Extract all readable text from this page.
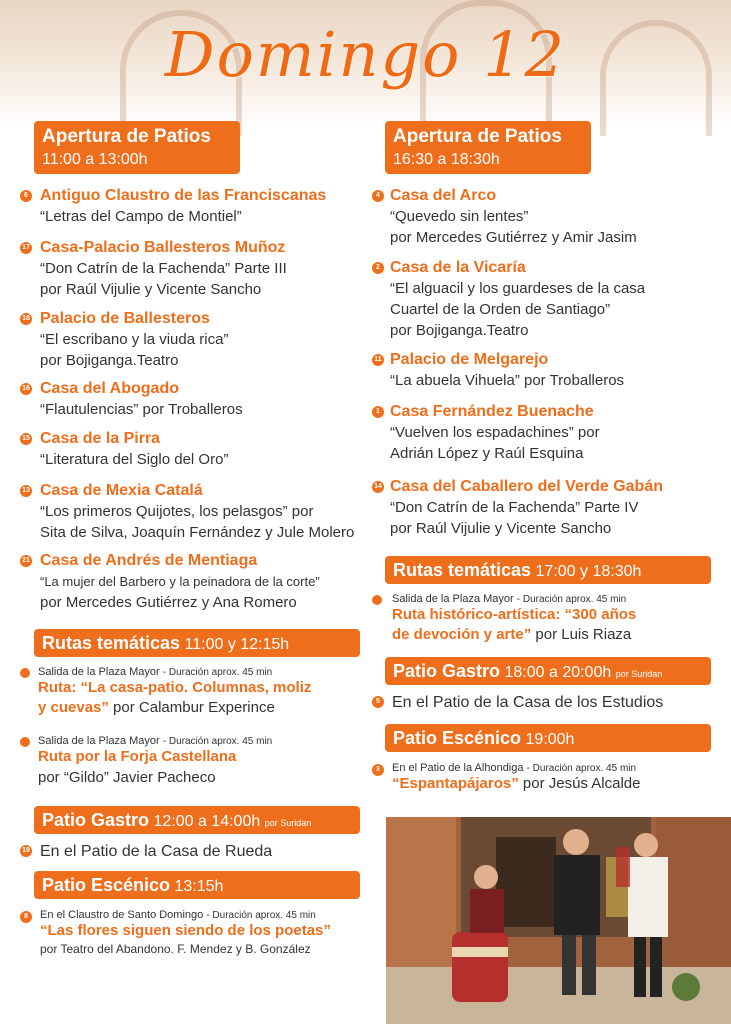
Domingo 12
Apertura de Patios
11:00 a 13:00h
6 Antiguo Claustro de las Franciscanas
“Letras del Campo de Montiel”
17 Casa-Palacio Ballesteros Muñoz
“Don Catrín de la Fachenda” Parte III
por Raúl Vijulie y Vicente Sancho
18 Palacio de Ballesteros
“El escribano y la viuda rica”
por Bojiganga.Teatro
16 Casa del Abogado
“Flautulencias” por Troballeros
15 Casa de la Pirra
“Literatura del Siglo del Oro”
13 Casa de Mexia Catalá
“Los primeros Quijotes, los pelasgos” por
Sita de Silva, Joaquín Fernández y Jule Molero
21 Casa de Andrés de Mentiaga
“La mujer del Barbero y la peinadora de la corte”
por Mercedes Gutiérrez y Ana Romero
Rutas temáticas 11:00 y 12:15h
Salida de la Plaza Mayor - Duración aprox. 45 min
Ruta: “La casa-patio. Columnas, moliz
y cuevas” por Calambur Experince
Salida de la Plaza Mayor - Duración aprox. 45 min
Ruta por la Forja Castellana
por “Gildo” Javier Pacheco
Patio Gastro 12:00 a 14:00h por Suridan
19 En el Patio de la Casa de Rueda
Patio Escénico 13:15h
8	En el Claustro de Santo Domingo - Duración aprox. 45 min
“Las flores siguen siendo de los poetas”
por Teatro del Abandono. F. Mendez y B. González
Apertura de Patios
16:30 a 18:30h
4 Casa del Arco
“Quevedo sin lentes”
por Mercedes Gutiérrez y Amir Jasim
2 Casa de la Vicaría
“El alguacil y los guardeses de la casa
Cuartel de la Orden de Santiago”
por Bojiganga.Teatro
11 Palacio de Melgarejo
“La abuela Vihuela” por Troballeros
1 Casa Fernández Buenache
“Vuelven los espadachines” por
Adrián López y Raúl Esquina
14 Casa del Caballero del Verde Gabán
“Don Catrín de la Fachenda” Parte IV
por Raúl Vijulie y Vicente Sancho
Rutas temáticas 17:00 y 18:30h
Salida de la Plaza Mayor - Duración aprox. 45 min
Ruta histórico-artística: “300 años
de devoción y arte” por Luis Riaza
Patio Gastro 18:00 a 20:00h por Suridan
5 En el Patio de la Casa de los Estudios
Patio Escénico 19:00h
3	En el Patio de la Alhondiga - Duración aprox. 45 min
“Espantapájaros” por Jesús Alcalde
